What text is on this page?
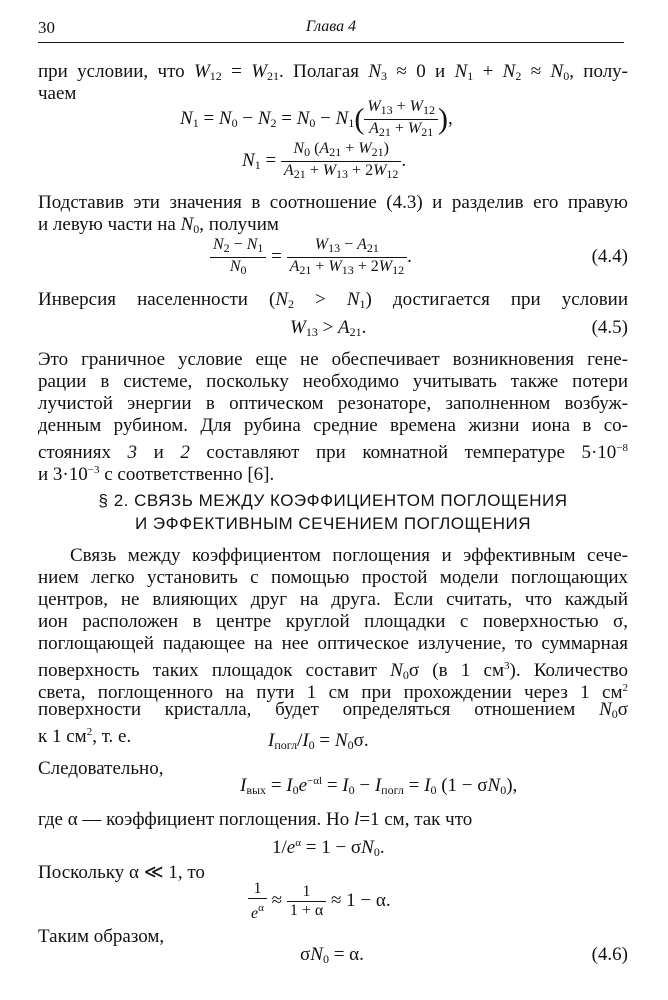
30	Глава 4
при условии, что $W_{12} = W_{21}$. Полагая $N_3 \approx 0$ и $N_1 + N_2 \approx N_0$, полу-
чаем
$N_1 = N_0 - N_2 = N_0 - N_1( \frac{W_{13} + W_{12}}{A_{21} + W_{21}}$ ),
$N_1 = \frac{N_0 (A_{21} + W_{21})}{A_{21} + W_{13} + 2W_{12}}$ .
Подставив эти значения в соотношение (4.3) и разделив его правую
и левую части на $N_0$, получим
$\frac{N_2 - N_1}{N_0} = \frac{W_{13} - A_{21}}{A_{21} + W_{13} + 2W_{12}}$ .	(4.4)
Инверсия населенности $(N_2 > N_1)$ достигается при условии
$W_{13} > A_{21}$.	(4.5)
Это граничное условие еще не обеспечивает возникновения гене-
рации в системе, поскольку необходимо учитывать также потери
лучистой энергии в оптическом резонаторе, заполненном возбуж-
денным рубином. Для рубина средние времена жизни иона в со-
стояниях 3 и 2 составляют при комнатной температуре $5\cdot 10^{-8}$
и $3\cdot 10^{-3}$ с соответственно [6].
§ 2. СВЯЗЬ МЕЖДУ КОЭФФИЦИЕНТОМ ПОГЛОЩЕНИЯ
И ЭФФЕКТИВНЫМ СЕЧЕНИЕМ ПОГЛОЩЕНИЯ
Связь между коэффициентом поглощения и эффективным сече-
нием легко установить с помощью простой модели поглощающих
центров, не влияющих друг на друга. Если считать, что каждый
ион расположен в центре круглой площадки с поверхностью σ,
поглощающей падающее на нее оптическое излучение, то суммарная
поверхность таких площадок составит $N_0\sigma$ (в 1 $см^3$). Количество
света, поглощенного на пути 1 см при прохождении через 1 $см^2$
поверхности кристалла, будет определяться отношением $N_0\sigma$
к 1 $см^2$, т. е.	$I_{погл}/I_0 = N_0\sigma$.
Следовательно,
$I_{вых} = I_0e^{-\alpha l} = I_0 - I_{погл} = I_0$ $(1 - \sigma N_0)$,
где α — коэффициент поглощения. Но l=1 см, так что
$1/e^\alpha = 1 - \sigma N_0$.
Поскольку α ≪ 1, то
$\frac{1}{e^\alpha} \approx \frac{1}{1 + \alpha} \approx 1 - \alpha$.
Таким образом,
$\sigma N_0 = \alpha$.	(4.6)
